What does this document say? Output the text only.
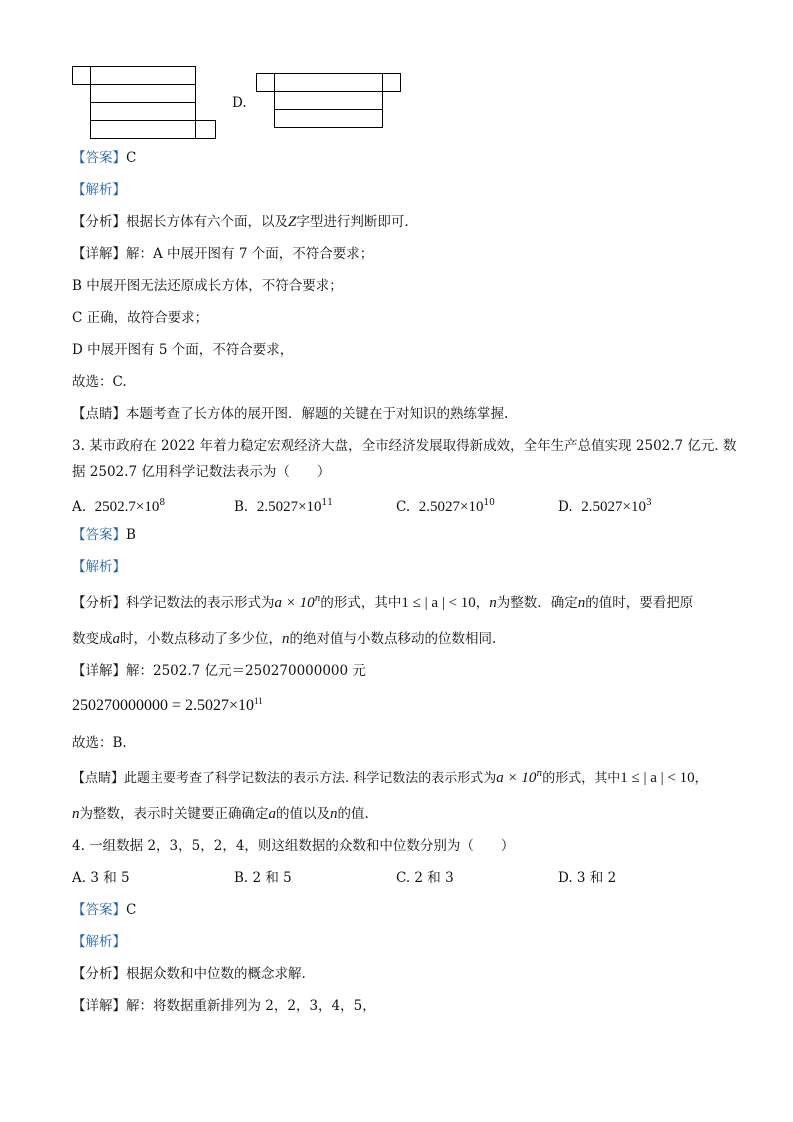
D.
【答案】C
【解析】
【分析】根据长方体有六个面，以及Z字型进行判断即可.
【详解】解：A 中展开图有 7 个面，不符合要求；
B 中展开图无法还原成长方体，不符合要求；
C 正确，故符合要求；
D 中展开图有 5 个面，不符合要求，
故选：C.
【点睛】本题考查了长方体的展开图．解题的关键在于对知识的熟练掌握.
3. 某市政府在 2022 年着力稳定宏观经济大盘，全市经济发展取得新成效，全年生产总值实现 2502.7 亿元. 数
据 2502.7 亿用科学记数法表示为（　　）
A. $2502.7\times 10^8$	B. $2.5027\times 10^{11}$	C. $2.5027\times 10^{10}$	D. $2.5027\times 10^3$
【答案】B
【解析】
【分析】科学记数法的表示形式为$a \times 10^n$的形式，其中1 ≤ | a | < 10，n为整数．确定n的值时，要看把原
数变成a时，小数点移动了多少位，n的绝对值与小数点移动的位数相同.
【详解】解：2502.7 亿元＝250270000000 元
$250270000000 = 2.5027\times 10^{11}$
故选：B.
【点睛】此题主要考查了科学记数法的表示方法. 科学记数法的表示形式为$a \times 10^n$的形式，其中1 ≤ | a | < 10，
n为整数，表示时关键要正确确定a的值以及n的值.
4. 一组数据 2，3，5，2，4，则这组数据的众数和中位数分别为（　　）
A. 3 和 5	B. 2 和 5	C. 2 和 3	D. 3 和 2
【答案】C
【解析】
【分析】根据众数和中位数的概念求解.
【详解】解：将数据重新排列为 2，2，3，4，5，
